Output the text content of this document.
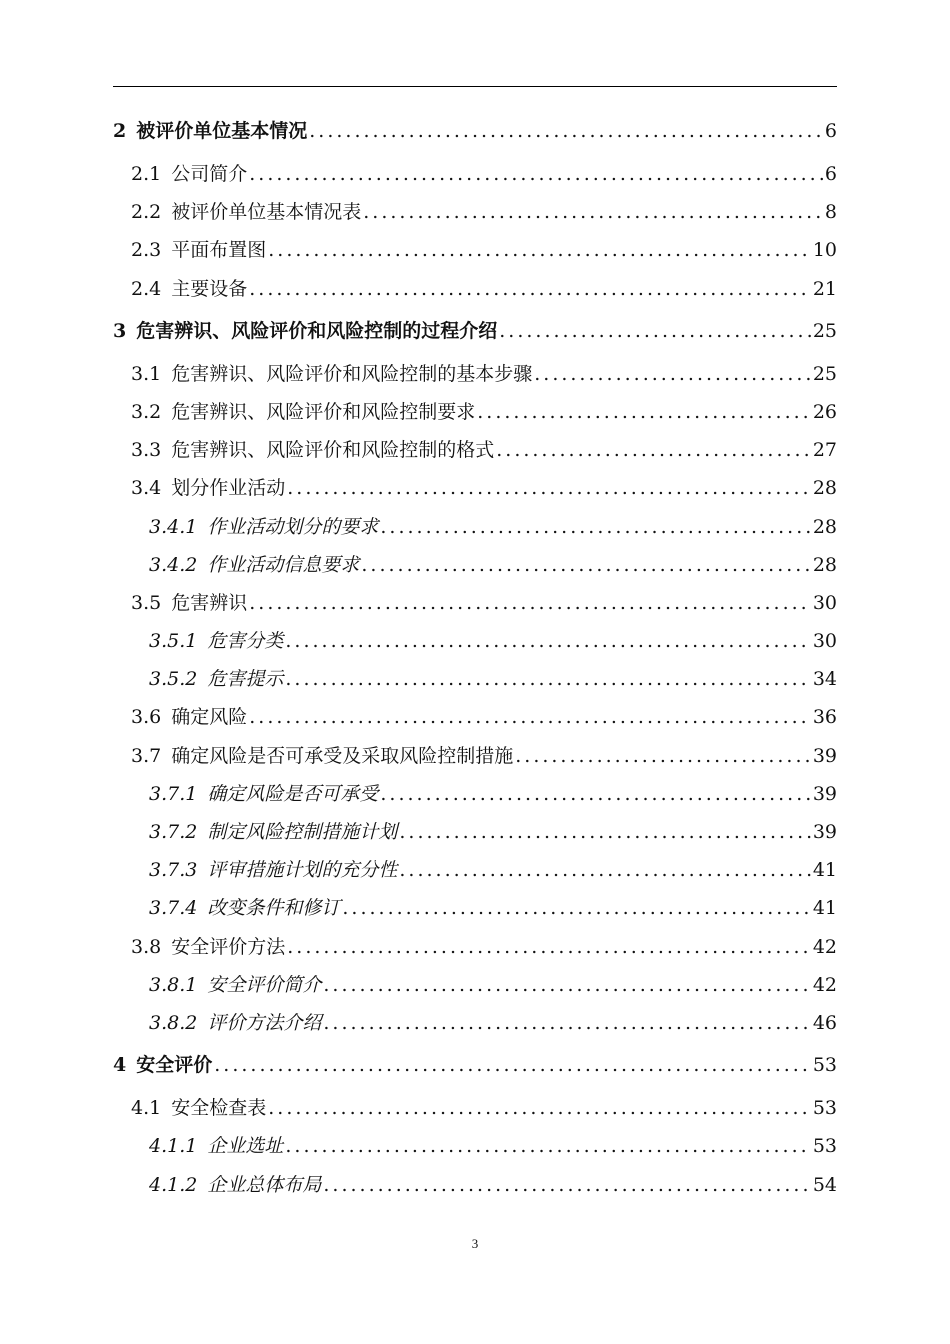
2 被评价单位基本情况 .....	6
2.1 公司简介 .....	6
2.2 被评价单位基本情况表 .....	8
2.3 平面布置图 .....	10
2.4 主要设备 .....	21
3 危害辨识、风险评价和风险控制的过程介绍 .....	25
3.1 危害辨识、风险评价和风险控制的基本步骤 .....	25
3.2 危害辨识、风险评价和风险控制要求 .....	26
3.3 危害辨识、风险评价和风险控制的格式 .....	27
3.4 划分作业活动 .....	28
3.4.1 作业活动划分的要求 .....	28
3.4.2 作业活动信息要求 .....	28
3.5 危害辨识 .....	30
3.5.1 危害分类 .....	30
3.5.2 危害提示 .....	34
3.6 确定风险 .....	36
3.7 确定风险是否可承受及采取风险控制措施 .....	39
3.7.1 确定风险是否可承受 .....	39
3.7.2 制定风险控制措施计划 .....	39
3.7.3 评审措施计划的充分性 .....	41
3.7.4 改变条件和修订 .....	41
3.8 安全评价方法 .....	42
3.8.1 安全评价简介 .....	42
3.8.2 评价方法介绍 .....	46
4 安全评价 .....	53
4.1 安全检查表 .....	53
4.1.1 企业选址 .....	53
4.1.2 企业总体布局 .....	54
3
